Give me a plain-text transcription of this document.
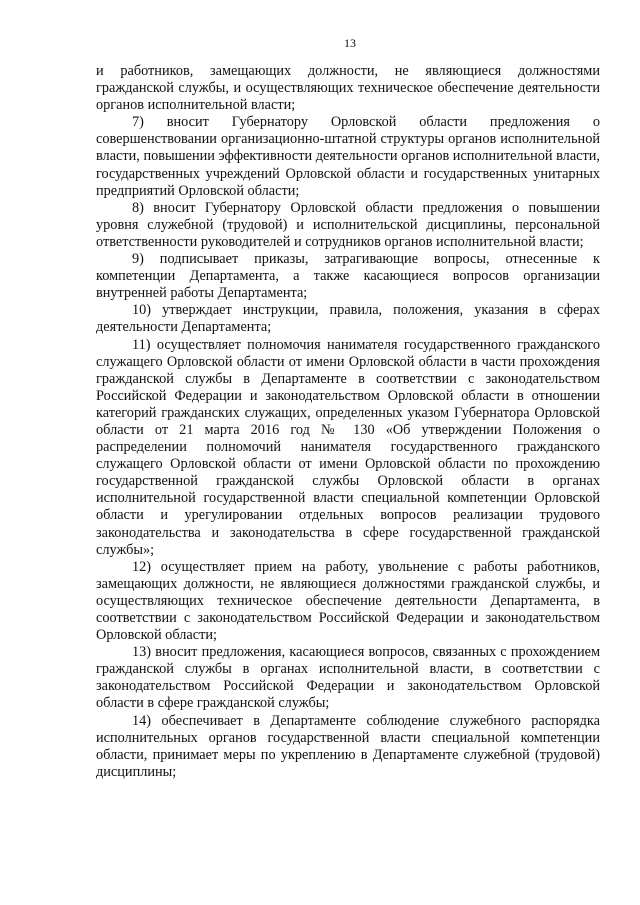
13

и работников, замещающих должности, не являющиеся должностями гражданской службы, и осуществляющих техническое обеспечение деятельности органов исполнительной власти;

7) вносит Губернатору Орловской области предложения о совершенствовании организационно-штатной структуры органов исполнительной власти, повышении эффективности деятельности органов исполнительной власти, государственных учреждений Орловской области и государственных унитарных предприятий Орловской области;

8) вносит Губернатору Орловской области предложения о повышении уровня служебной (трудовой) и исполнительской дисциплины, персональной ответственности руководителей и сотрудников органов исполнительной власти;

9) подписывает приказы, затрагивающие вопросы, отнесенные к компетенции Департамента, а также касающиеся вопросов организации внутренней работы Департамента;

10) утверждает инструкции, правила, положения, указания в сферах деятельности Департамента;

11) осуществляет полномочия нанимателя государственного гражданского служащего Орловской области от имени Орловской области в части прохождения гражданской службы в Департаменте в соответствии с законодательством Российской Федерации и законодательством Орловской области в отношении категорий гражданских служащих, определенных указом Губернатора Орловской области от 21 марта 2016 год № 130 «Об утверждении Положения о распределении полномочий нанимателя государственного гражданского служащего Орловской области от имени Орловской области по прохождению государственной гражданской службы Орловской области в органах исполнительной государственной власти специальной компетенции Орловской области и урегулировании отдельных вопросов реализации трудового законодательства и законодательства в сфере государственной гражданской службы»;

12) осуществляет прием на работу, увольнение с работы работников, замещающих должности, не являющиеся должностями гражданской службы, и осуществляющих техническое обеспечение деятельности Департамента, в соответствии с законодательством Российской Федерации и законодательством Орловской области;

13) вносит предложения, касающиеся вопросов, связанных с прохождением гражданской службы в органах исполнительной власти, в соответствии с законодательством Российской Федерации и законодательством Орловской области в сфере гражданской службы;

14) обеспечивает в Департаменте соблюдение служебного распорядка исполнительных органов государственной власти специальной компетенции области, принимает меры по укреплению в Департаменте служебной (трудовой) дисциплины;
